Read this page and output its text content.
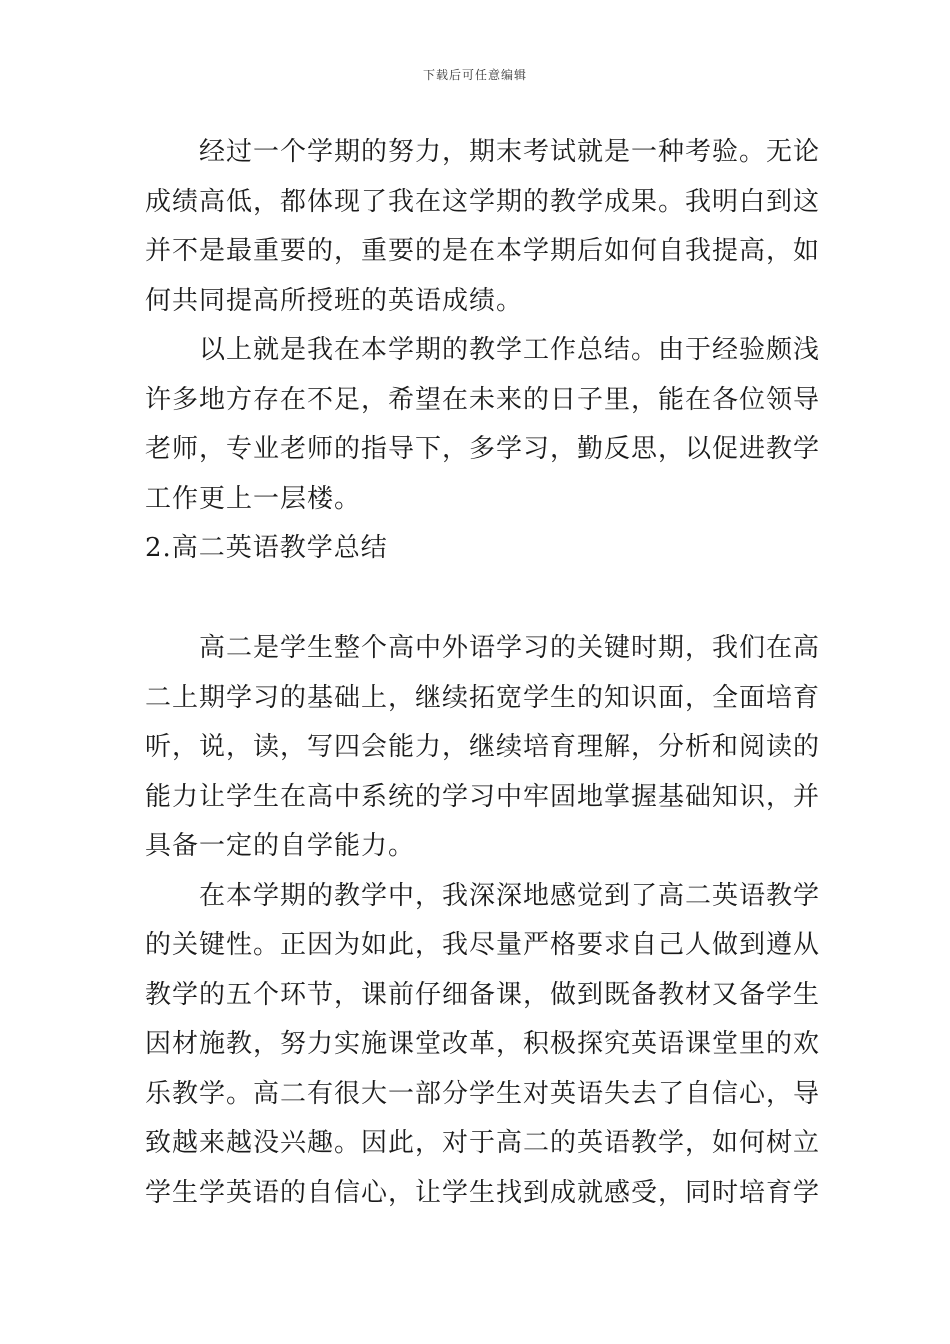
下载后可任意编辑
经过一个学期的努力，期末考试就是一种考验。无论
成绩高低，都体现了我在这学期的教学成果。我明白到这
并不是最重要的，重要的是在本学期后如何自我提高，如
何共同提高所授班的英语成绩。
以上就是我在本学期的教学工作总结。由于经验颇浅
许多地方存在不足，希望在未来的日子里，能在各位领导
老师，专业老师的指导下，多学习，勤反思，以促进教学
工作更上一层楼。
2.高二英语教学总结
高二是学生整个高中外语学习的关键时期，我们在高
二上期学习的基础上，继续拓宽学生的知识面，全面培育
听，说，读，写四会能力，继续培育理解，分析和阅读的
能力让学生在高中系统的学习中牢固地掌握基础知识，并
具备一定的自学能力。
在本学期的教学中，我深深地感觉到了高二英语教学
的关键性。正因为如此，我尽量严格要求自己人做到遵从
教学的五个环节，课前仔细备课，做到既备教材又备学生
因材施教，努力实施课堂改革，积极探究英语课堂里的欢
乐教学。高二有很大一部分学生对英语失去了自信心，导
致越来越没兴趣。因此，对于高二的英语教学，如何树立
学生学英语的自信心，让学生找到成就感受，同时培育学
